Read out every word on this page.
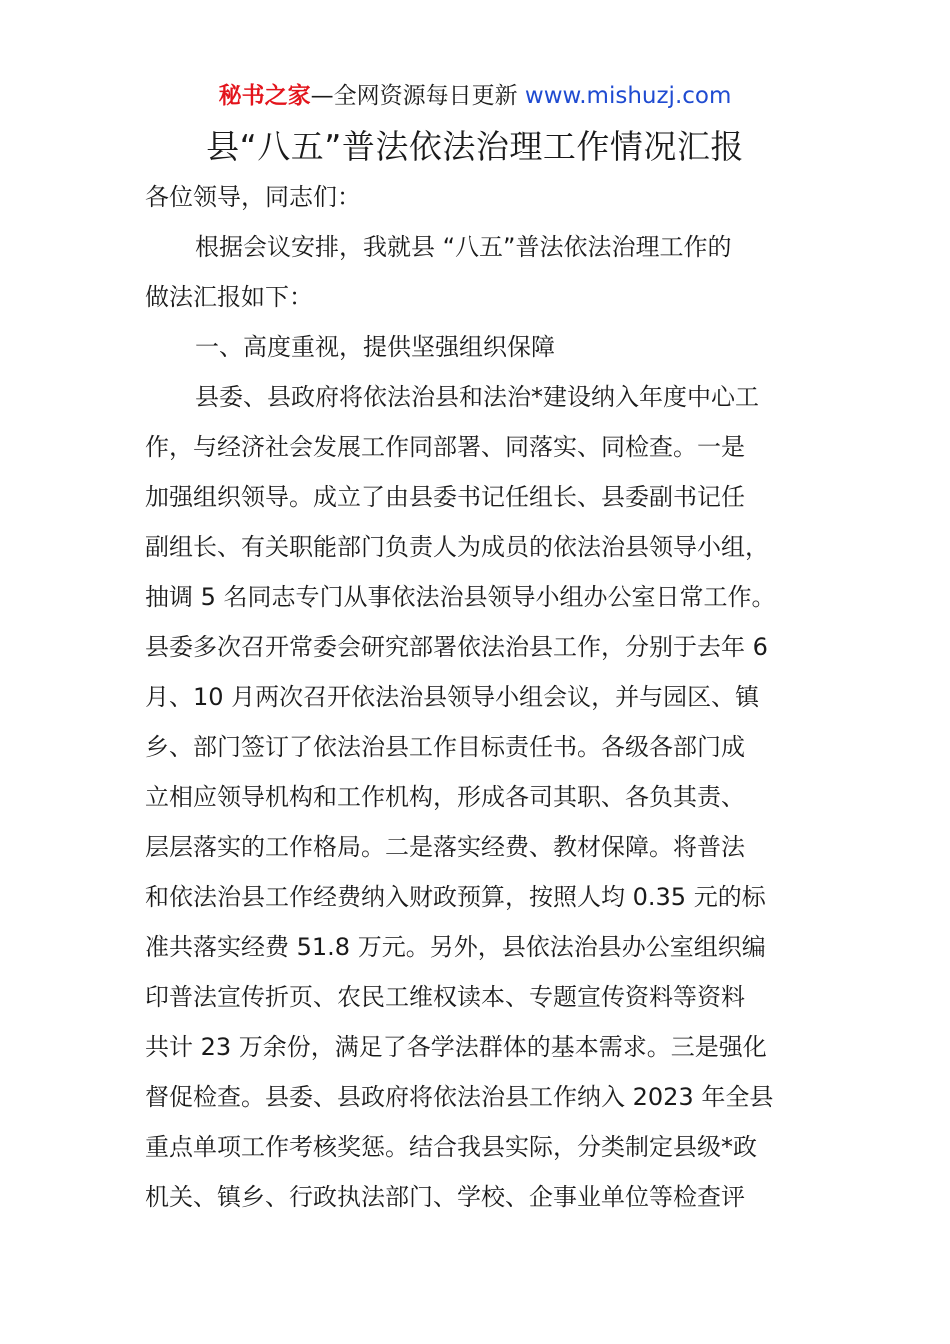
秘书之家—全网资源每日更新 www.mishuzj.com
县“八五”普法依法治理工作情况汇报
各位领导，同志们：
根据会议安排，我就县 “八五”普法依法治理工作的
做法汇报如下：
一、高度重视，提供坚强组织保障
县委、县政府将依法治县和法治*建设纳入年度中心工
作，与经济社会发展工作同部署、同落实、同检查。一是
加强组织领导。成立了由县委书记任组长、县委副书记任
副组长、有关职能部门负责人为成员的依法治县领导小组，
抽调 5 名同志专门从事依法治县领导小组办公室日常工作。
县委多次召开常委会研究部署依法治县工作，分别于去年 6
月、10 月两次召开依法治县领导小组会议，并与园区、镇
乡、部门签订了依法治县工作目标责任书。各级各部门成
立相应领导机构和工作机构，形成各司其职、各负其责、
层层落实的工作格局。二是落实经费、教材保障。将普法
和依法治县工作经费纳入财政预算，按照人均 0.35 元的标
准共落实经费 51.8 万元。另外，县依法治县办公室组织编
印普法宣传折页、农民工维权读本、专题宣传资料等资料
共计 23 万余份，满足了各学法群体的基本需求。三是强化
督促检查。县委、县政府将依法治县工作纳入 2023 年全县
重点单项工作考核奖惩。结合我县实际，分类制定县级*政
机关、镇乡、行政执法部门、学校、企事业单位等检查评
